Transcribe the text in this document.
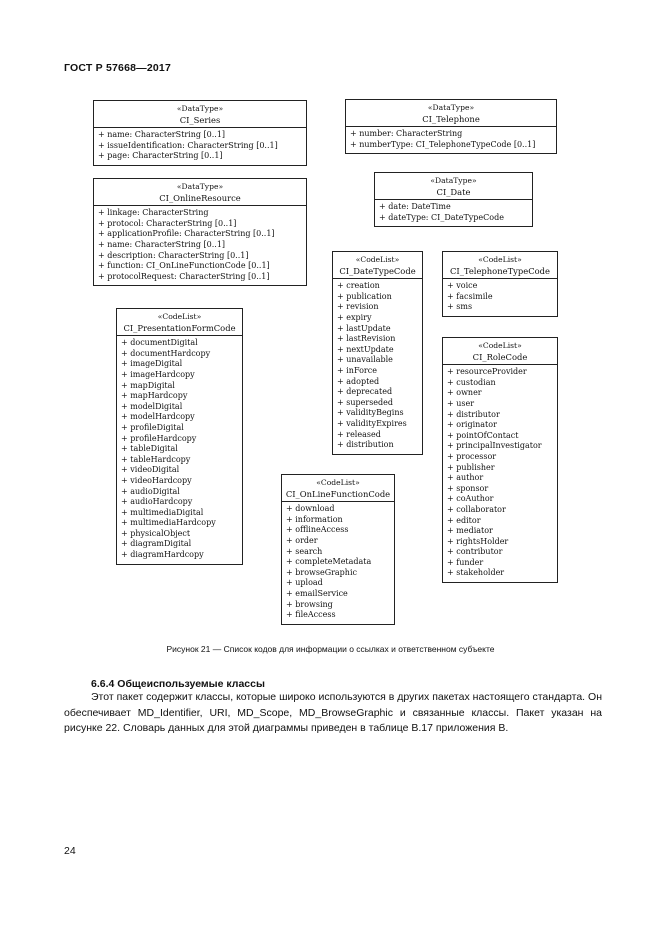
ГОСТ Р 57668—2017
«DataType»
CI_Series
+ name: CharacterString [0..1]
+ issueIdentification: CharacterString [0..1]
+ page: CharacterString [0..1]
«DataType»
CI_Telephone
+ number: CharacterString
+ numberType: CI_TelephoneTypeCode [0..1]
«DataType»
CI_OnlineResource
+ linkage: CharacterString
+ protocol: CharacterString [0..1]
+ applicationProfile: CharacterString [0..1]
+ name: CharacterString [0..1]
+ description: CharacterString [0..1]
+ function: CI_OnLineFunctionCode [0..1]
+ protocolRequest: CharacterString [0..1]
«DataType»
CI_Date
+ date: DateTime
+ dateType: CI_DateTypeCode
«CodeList»
CI_DateTypeCode
+ creation
+ publication
+ revision
+ expiry
+ lastUpdate
+ lastRevision
+ nextUpdate
+ unavailable
+ inForce
+ adopted
+ deprecated
+ superseded
+ validityBegins
+ validityExpires
+ released
+ distribution
«CodeList»
CI_TelephoneTypeCode
+ voice
+ facsimile
+ sms
«CodeList»
CI_PresentationFormCode
+ documentDigital
+ documentHardcopy
+ imageDigital
+ imageHardcopy
+ mapDigital
+ mapHardcopy
+ modelDigital
+ modelHardcopy
+ profileDigital
+ profileHardcopy
+ tableDigital
+ tableHardcopy
+ videoDigital
+ videoHardcopy
+ audioDigital
+ audioHardcopy
+ multimediaDigital
+ multimediaHardcopy
+ physicalObject
+ diagramDigital
+ diagramHardcopy
«CodeList»
CI_RoleCode
+ resourceProvider
+ custodian
+ owner
+ user
+ distributor
+ originator
+ pointOfContact
+ principalInvestigator
+ processor
+ publisher
+ author
+ sponsor
+ coAuthor
+ collaborator
+ editor
+ mediator
+ rightsHolder
+ contributor
+ funder
+ stakeholder
«CodeList»
CI_OnLineFunctionCode
+ download
+ information
+ offlineAccess
+ order
+ search
+ completeMetadata
+ browseGraphic
+ upload
+ emailService
+ browsing
+ fileAccess
Рисунок 21 — Список кодов для информации о ссылках и ответственном субъекте
6.6.4 Общеиспользуемые классы
Этот пакет содержит классы, которые широко используются в других пакетах настоящего стандарта. Он обеспечивает MD_Identifier, URI, MD_Scope, MD_BrowseGraphic и связанные классы. Пакет указан на рисунке 22. Словарь данных для этой диаграммы приведен в таблице В.17 приложения В.
24
